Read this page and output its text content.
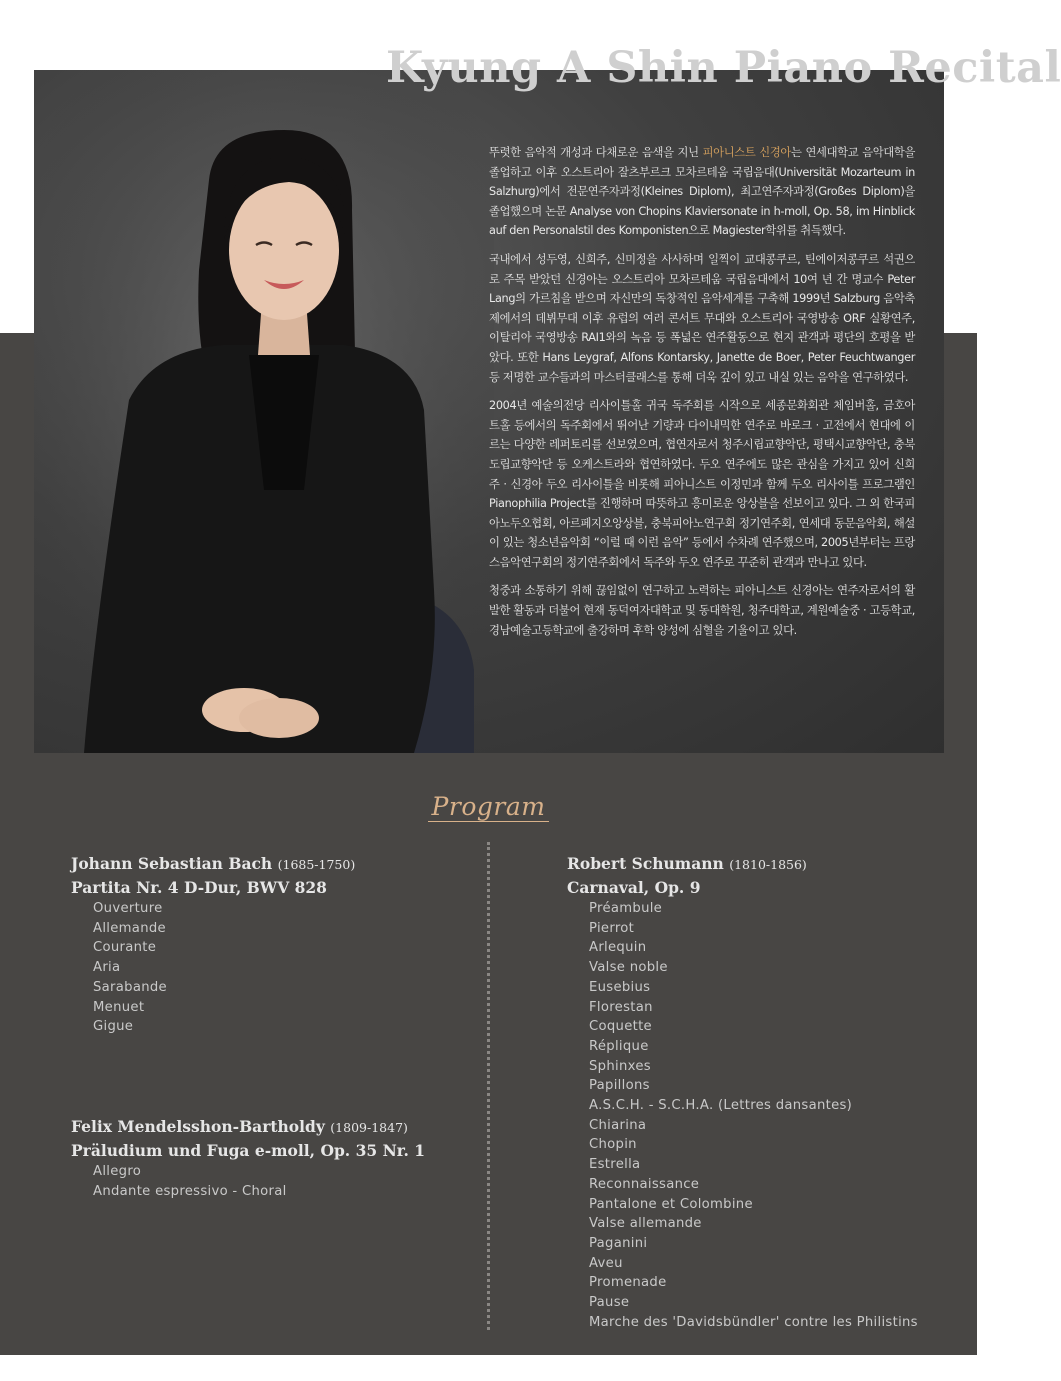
뚜렷한 음악적 개성과 다채로운 음색을 지닌 피아니스트 신경아는 연세대학교 음악대학을 졸업하고 이후 오스트리아 잘츠부르크 모차르테움 국립음대(Universität Mozarteum in Salzhurg)에서 전문연주자과정(Kleines Diplom), 최고연주자과정(Großes Diplom)을 졸업했으며 논문 Analyse von Chopins Klaviersonate in h-moll, Op. 58, im Hinblick auf den Personalstil des Komponisten으로 Magiester학위를 취득했다.

국내에서 성두영, 신희주, 신미정을 사사하며 일찍이 교대콩쿠르, 틴에이저콩쿠르 석권으로 주목 받았던 신경아는 오스트리아 모차르테움 국립음대에서 10여 년 간 명교수 Peter Lang의 가르침을 받으며 자신만의 독창적인 음악세계를 구축해 1999년 Salzburg 음악축제에서의 데뷔무대 이후 유럽의 여러 콘서트 무대와 오스트리아 국영방송 ORF 실황연주, 이탈리아 국영방송 RAI1와의 녹음 등 폭넓은 연주활동으로 현지 관객과 평단의 호평을 받았다. 또한 Hans Leygraf, Alfons Kontarsky, Janette de Boer, Peter Feuchtwanger 등 저명한 교수들과의 마스터클래스를 통해 더욱 깊이 있고 내실 있는 음악을 연구하였다.

2004년 예술의전당 리사이틀홀 귀국 독주회를 시작으로 세종문화회관 체임버홀, 금호아트홀 등에서의 독주회에서 뛰어난 기량과 다이내믹한 연주로 바로크 · 고전에서 현대에 이르는 다양한 레퍼토리를 선보였으며, 협연자로서 청주시립교향악단, 평택시교향악단, 충북도립교향악단 등 오케스트라와 협연하였다. 두오 연주에도 많은 관심을 가지고 있어 신희주 · 신경아 두오 리사이틀을 비롯해 피아니스트 이정민과 함께 두오 리사이틀 프로그램인 Pianophilia Project를 진행하며 따뜻하고 흥미로운 앙상블을 선보이고 있다. 그 외 한국피아노두오협회, 아르페지오앙상블, 충북피아노연구회 정기연주회, 연세대 동문음악회, 해설이 있는 청소년음악회 “이럴 때 이런 음악” 등에서 수차례 연주했으며, 2005년부터는 프랑스음악연구회의 정기연주회에서 독주와 두오 연주로 꾸준히 관객과 만나고 있다.

청중과 소통하기 위해 끊임없이 연구하고 노력하는 피아니스트 신경아는 연주자로서의 활발한 활동과 더불어 현재 동덕여자대학교 및 동대학원, 청주대학교, 계원예술중 · 고등학교, 경남예술고등학교에 출강하며 후학 양성에 심혈을 기울이고 있다.

Kyung A Shin Piano Recital
Program
Johann Sebastian Bach (1685-1750)
Partita Nr. 4 D-Dur, BWV 828
Ouverture
Allemande
Courante
Aria
Sarabande
Menuet
Gigue
Felix Mendelsshon-Bartholdy (1809-1847)
Präludium und Fuga e-moll, Op. 35 Nr. 1
Allegro
Andante espressivo - Choral
Robert Schumann (1810-1856)
Carnaval, Op. 9
Préambule
Pierrot
Arlequin
Valse noble
Eusebius
Florestan
Coquette
Réplique
Sphinxes
Papillons
A.S.C.H. - S.C.H.A. (Lettres dansantes)
Chiarina
Chopin
Estrella
Reconnaissance
Pantalone et Colombine
Valse allemande
Paganini
Aveu
Promenade
Pause
Marche des 'Davidsbündler' contre les Philistins
